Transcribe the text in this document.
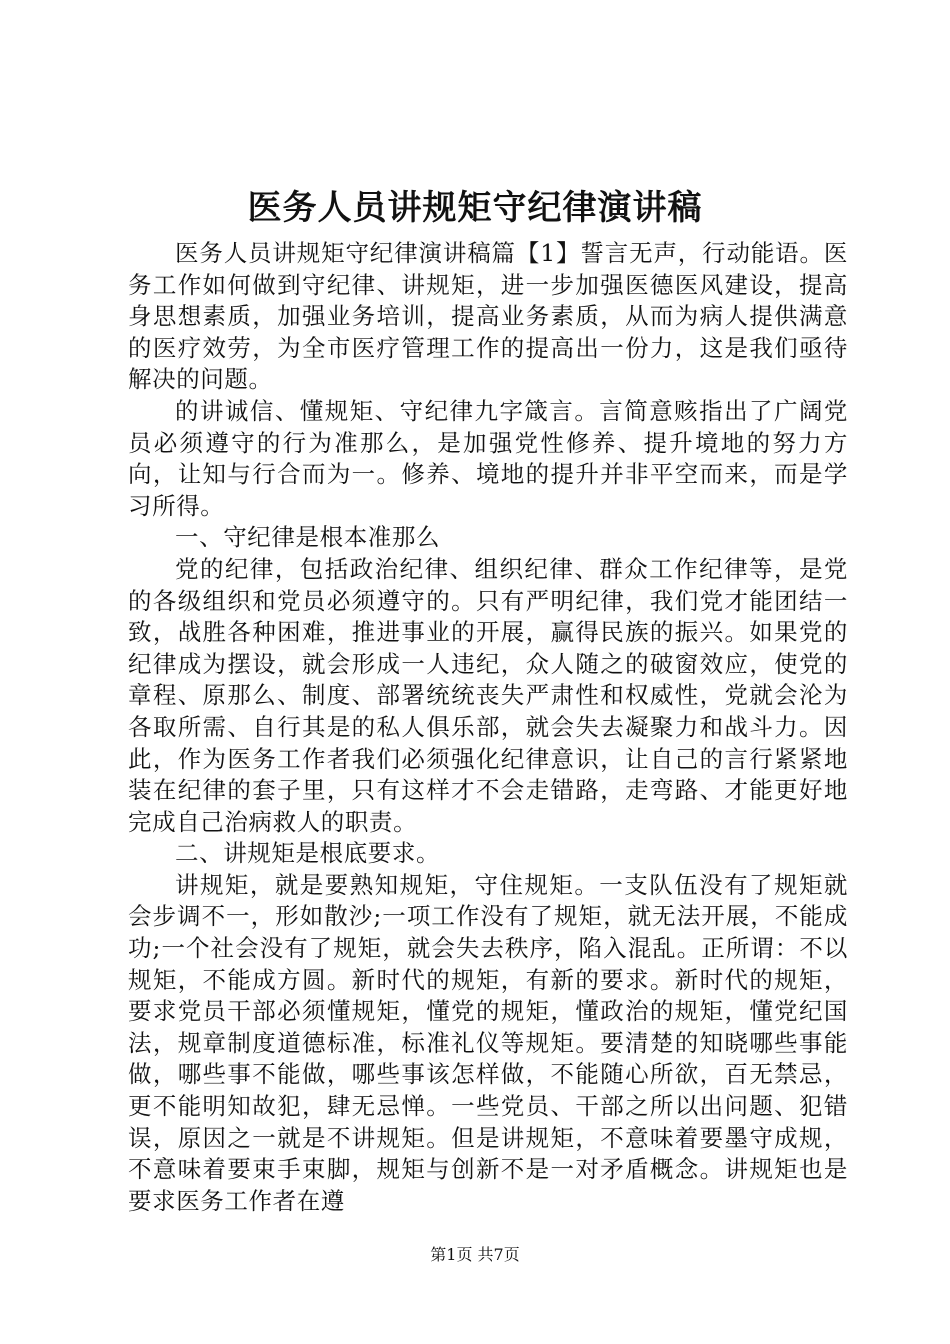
医务人员讲规矩守纪律演讲稿

医务人员讲规矩守纪律演讲稿篇【1】誓言无声，行动能语。医务工作如何做到守纪律、讲规矩，进一步加强医德医风建设，提高身思想素质，加强业务培训，提高业务素质，从而为病人提供满意的医疗效劳，为全市医疗管理工作的提高出一份力，这是我们亟待解决的问题。

的讲诚信、懂规矩、守纪律九字箴言。言简意赅指出了广阔党员必须遵守的行为准那么，是加强党性修养、提升境地的努力方向，让知与行合而为一。修养、境地的提升并非平空而来，而是学习所得。

一、守纪律是根本准那么

党的纪律，包括政治纪律、组织纪律、群众工作纪律等，是党的各级组织和党员必须遵守的。只有严明纪律，我们党才能团结一致，战胜各种困难，推进事业的开展，赢得民族的振兴。如果党的纪律成为摆设，就会形成一人违纪，众人随之的破窗效应，使党的章程、原那么、制度、部署统统丧失严肃性和权威性，党就会沦为各取所需、自行其是的私人俱乐部，就会失去凝聚力和战斗力。因此，作为医务工作者我们必须强化纪律意识，让自己的言行紧紧地装在纪律的套子里，只有这样才不会走错路，走弯路、才能更好地完成自己治病救人的职责。

二、讲规矩是根底要求。

讲规矩，就是要熟知规矩，守住规矩。一支队伍没有了规矩就会步调不一，形如散沙;一项工作没有了规矩，就无法开展，不能成功;一个社会没有了规矩，就会失去秩序，陷入混乱。正所谓：不以规矩，不能成方圆。新时代的规矩，有新的要求。新时代的规矩，要求党员干部必须懂规矩，懂党的规矩，懂政治的规矩，懂党纪国法，规章制度道德标准，标准礼仪等规矩。要清楚的知晓哪些事能做，哪些事不能做，哪些事该怎样做，不能随心所欲，百无禁忌，更不能明知故犯，肆无忌惮。一些党员、干部之所以出问题、犯错误，原因之一就是不讲规矩。但是讲规矩，不意味着要墨守成规，不意味着要束手束脚，规矩与创新不是一对矛盾概念。讲规矩也是要求医务工作者在遵

第1页 共7页
